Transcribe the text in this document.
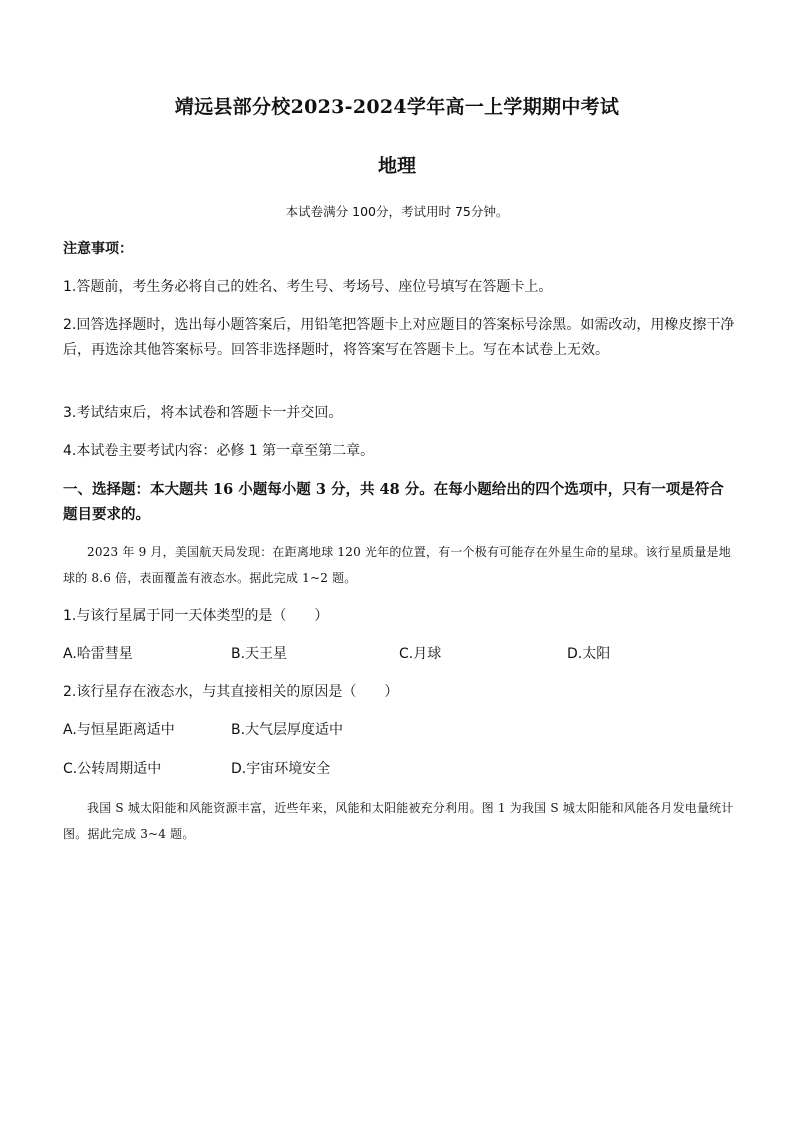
靖远县部分校2023-2024学年高一上学期期中考试
地理
本试卷满分 100分，考试用时 75分钟。
注意事项：
1.答题前，考生务必将自己的姓名、考生号、考场号、座位号填写在答题卡上。
2.回答选择题时，选出每小题答案后，用铅笔把答题卡上对应题目的答案标号涂黑。如需改动，用橡皮擦干净后，再选涂其他答案标号。回答非选择题时，将答案写在答题卡上。写在本试卷上无效。
3.考试结束后，将本试卷和答题卡一并交回。
4.本试卷主要考试内容：必修 1 第一章至第二章。
一、选择题：本大题共 16 小题每小题 3 分，共 48 分。在每小题给出的四个选项中，只有一项是符合题目要求的。
2023 年 9 月，美国航天局发现：在距离地球 120 光年的位置，有一个极有可能存在外星生命的星球。该行星质量是地球的 8.6 倍，表面覆盖有液态水。据此完成 1~2 题。
1.与该行星属于同一天体类型的是（　　）
A.哈雷彗星	B.天王星	C.月球	D.太阳
2.该行星存在液态水，与其直接相关的原因是（　　）
A.与恒星距离适中	B.大气层厚度适中
C.公转周期适中	D.宇宙环境安全
我国 S 城太阳能和风能资源丰富，近些年来，风能和太阳能被充分利用。图 1 为我国 S 城太阳能和风能各月发电量统计图。据此完成 3~4 题。
